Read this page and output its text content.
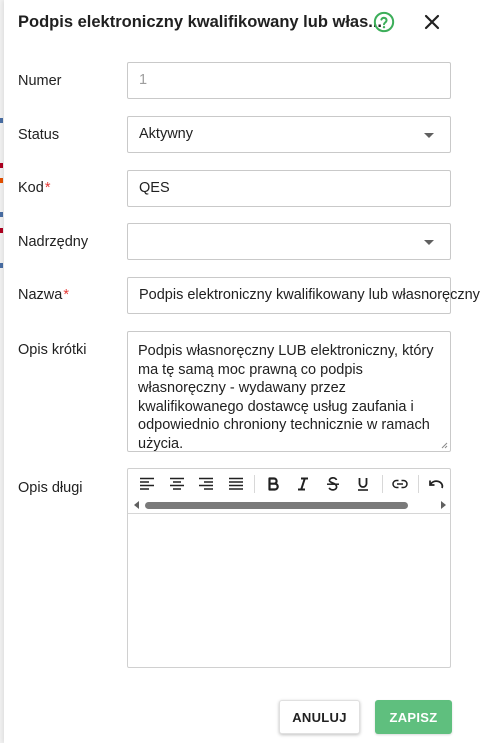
Podpis elektroniczny kwalifikowany lub włas...
Numer	1
Status	Aktywny
Kod*	QES
Nadrzędny
Nazwa*	Podpis elektroniczny kwalifikowany lub własnoręczny
Opis krótki	Podpis własnoręczny LUB elektroniczny, który ma tę samą moc prawną co podpis własnoręczny - wydawany przez kwalifikowanego dostawcę usług zaufania i odpowiednio chroniony technicznie w ramach użycia.
Opis długi
ANULUJ	ZAPISZ
